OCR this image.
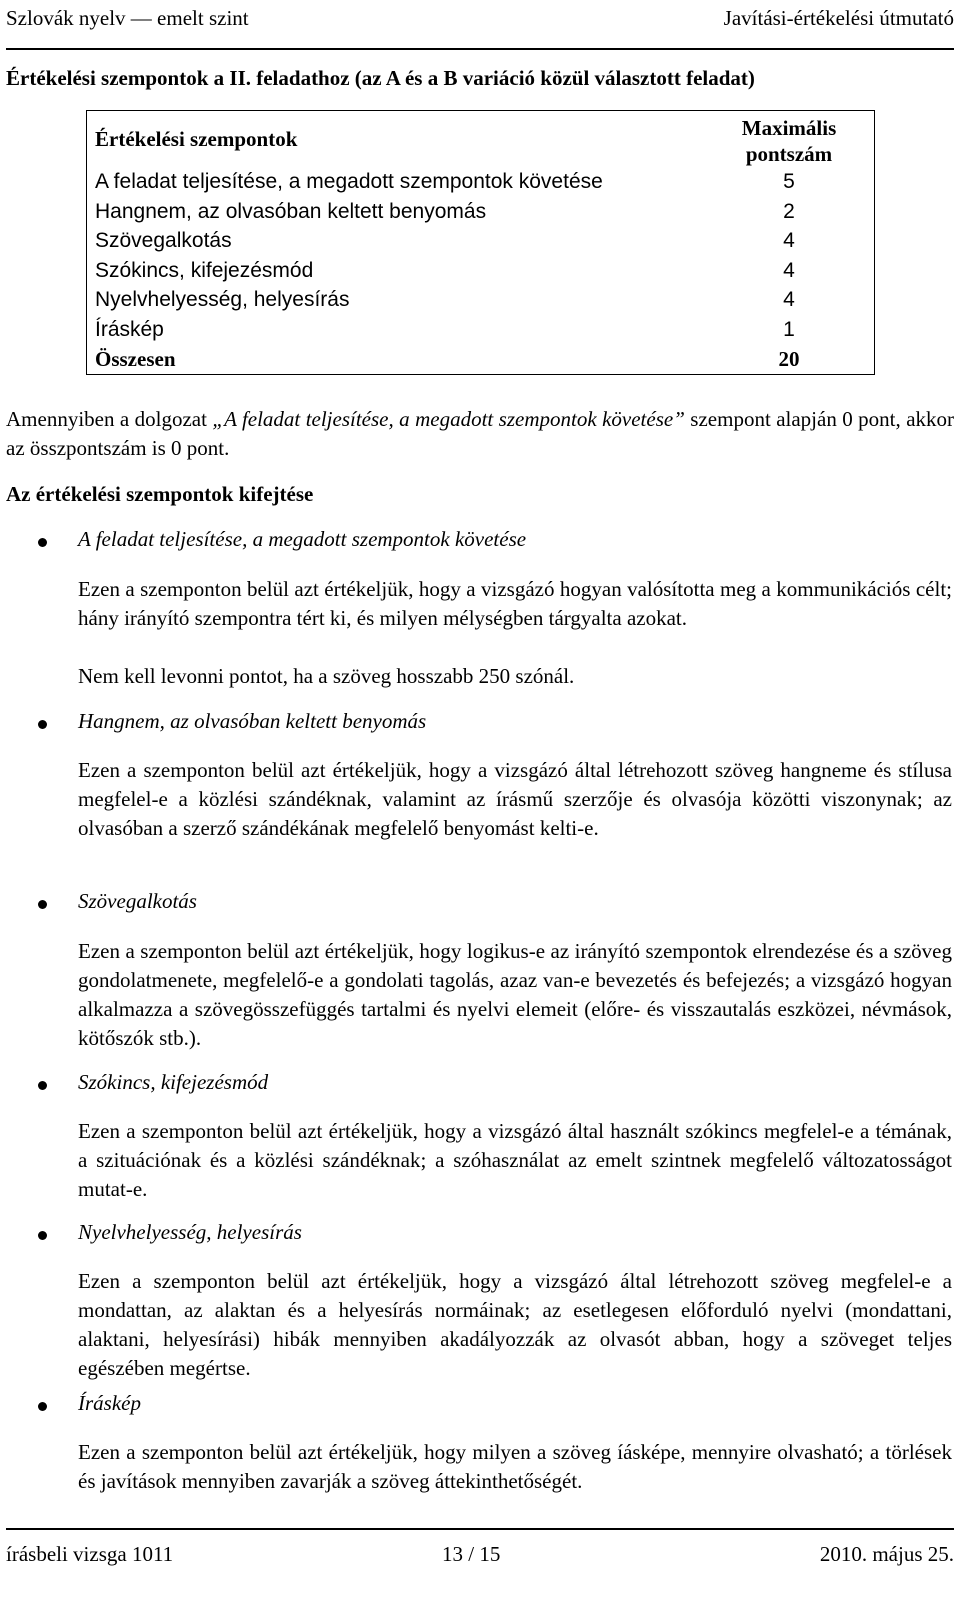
Szlovák nyelv — emelt szint	Javítási-értékelési útmutató
Értékelési szempontok a II. feladathoz (az A és a B variáció közül választott feladat)
Értékelési szempontok	Maximális
pontszám
A feladat teljesítése, a megadott szempontok követése	5
Hangnem, az olvasóban keltett benyomás	2
Szövegalkotás	4
Szókincs, kifejezésmód	4
Nyelvhelyesség, helyesírás	4
Íráskép	1
Összesen	20
Amennyiben a dolgozat „A feladat teljesítése, a megadott szempontok követése” szempont alapján 0 pont, akkor az összpontszám is 0 pont.
Az értékelési szempontok kifejtése
A feladat teljesítése, a megadott szempontok követése
Ezen a szemponton belül azt értékeljük, hogy a vizsgázó hogyan valósította meg a kommunikációs célt; hány irányító szempontra tért ki, és milyen mélységben tárgyalta azokat.
Nem kell levonni pontot, ha a szöveg hosszabb 250 szónál.
Hangnem, az olvasóban keltett benyomás
Ezen a szemponton belül azt értékeljük, hogy a vizsgázó által létrehozott szöveg hangneme és stílusa megfelel-e a közlési szándéknak, valamint az írásmű szerzője és olvasója közötti viszonynak; az olvasóban a szerző szándékának megfelelő benyomást kelti-e.
Szövegalkotás
Ezen a szemponton belül azt értékeljük, hogy logikus-e az irányító szempontok elrendezése és a szöveg gondolatmenete, megfelelő-e a gondolati tagolás, azaz van-e bevezetés és befejezés; a vizsgázó hogyan alkalmazza a szövegösszefüggés tartalmi és nyelvi elemeit (előre- és visszautalás eszközei, névmások, kötőszók stb.).
Szókincs, kifejezésmód
Ezen a szemponton belül azt értékeljük, hogy a vizsgázó által használt szókincs megfelel-e a témának, a szituációnak és a közlési szándéknak; a szóhasználat az emelt szintnek megfelelő változatosságot mutat-e.
Nyelvhelyesség, helyesírás
Ezen a szemponton belül azt értékeljük, hogy a vizsgázó által létrehozott szöveg megfelel-e a mondattan, az alaktan és a helyesírás normáinak; az esetlegesen előforduló nyelvi (mondattani, alaktani, helyesírási) hibák mennyiben akadályozzák az olvasót abban, hogy a szöveget teljes egészében megértse.
Íráskép
Ezen a szemponton belül azt értékeljük, hogy milyen a szöveg íásképe, mennyire olvasható; a törlések és javítások mennyiben zavarják a szöveg áttekinthetőségét.
írásbeli vizsga 1011	13 / 15	2010. május 25.
